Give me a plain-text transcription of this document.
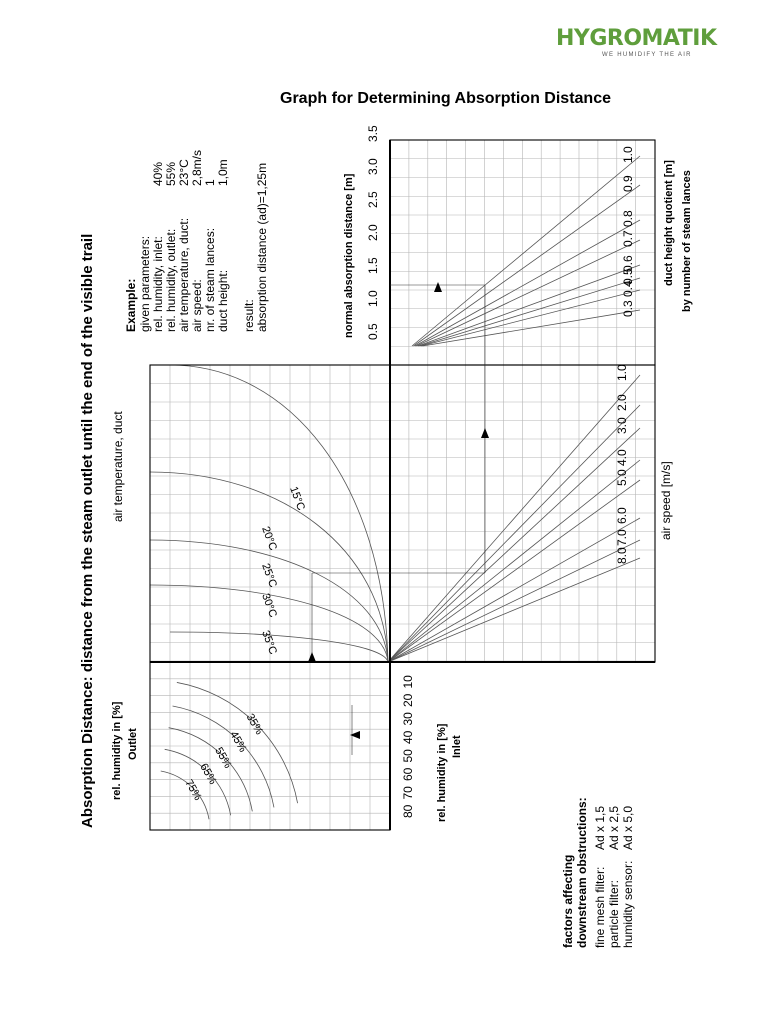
HYGROMATIK
WE HUMIDIFY THE AIR
Graph for Determining Absorption Distance
35%
45%
55%
65%
75%
15°C
20°C
25°C
30°C
35°C
1.0
2.0
3.0
4.0
5.0
6.0
7.0
8.0
1.0
0.9
0.8
0.7
0.6
0.5
0.4
0.3
80
70
60
50
40
30
20
10
rel. humidity in [%] Inlet
rel. humidity in [%] Outlet
air temperature, duct	air speed [m/s]
0.5
1.0
1.5
2.0
2.5
3.0
3.5
normal absorption distance [m]	duct height quotient [m] by number of steam lances
Absorption Distance: distance from the steam outlet until the end of the visible trail Example: given parameters: rel. humidity, inlet:
40%
rel. humidity, outlet:
55%
air temperature, duct:
23°C
air speed:
2,8m/s
nr. of steam lances:
1
duct height:
1,0m
result: absorption distance (ad)=1,25m
factors affecting downstream obstructions: fine mesh filter:
Ad x 1,5
particle filter:
Ad x 2,5
humidity sensor:
Ad x 5,0
